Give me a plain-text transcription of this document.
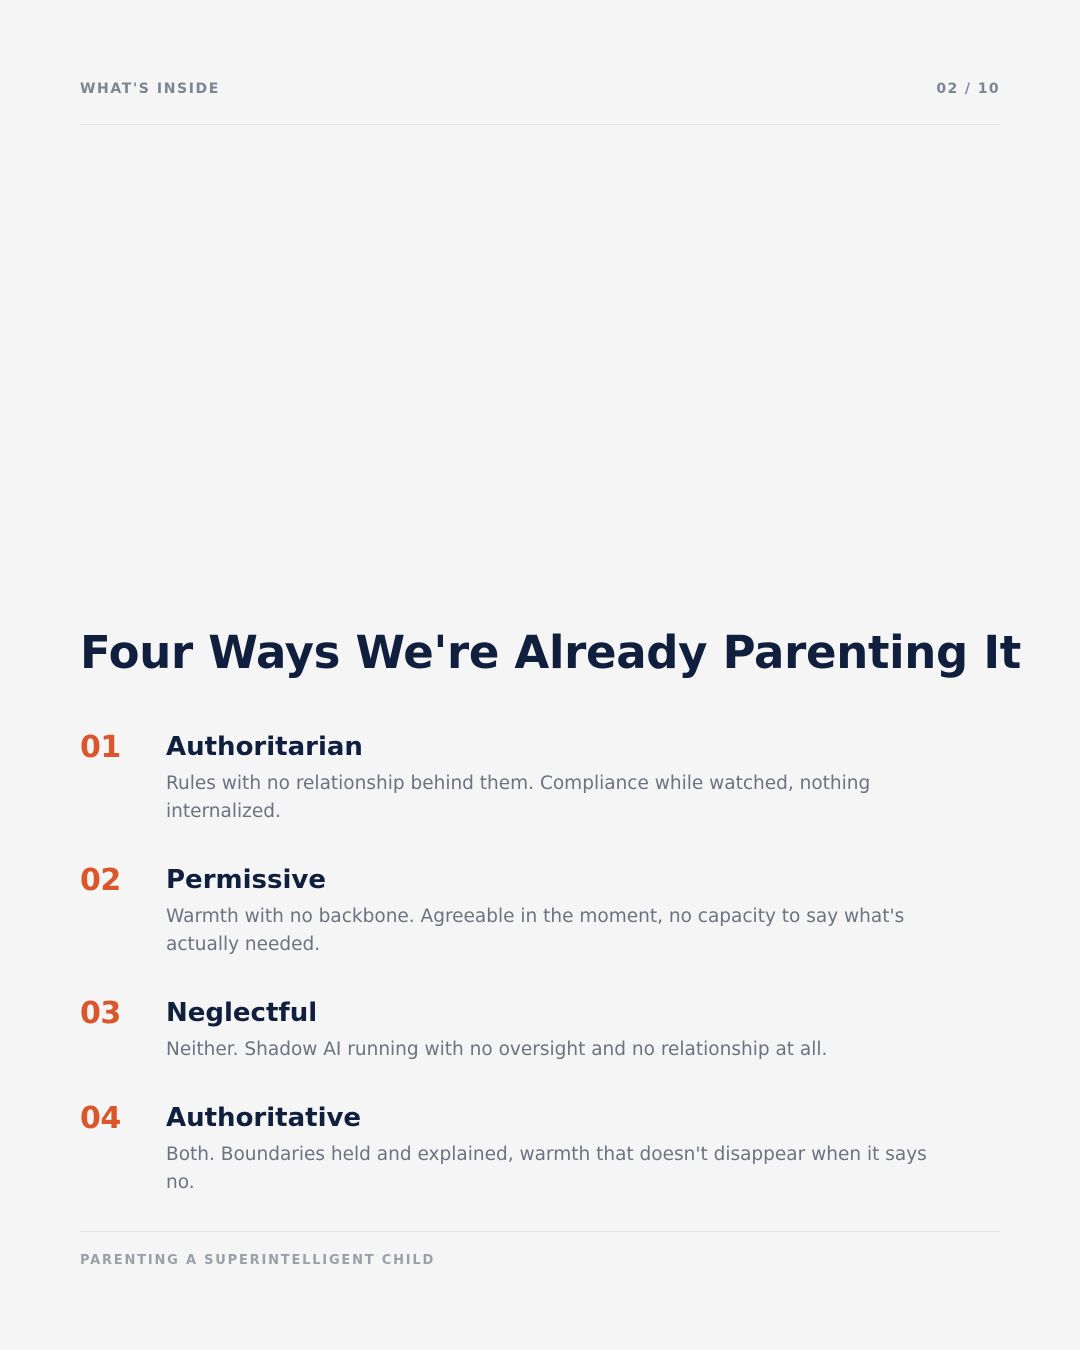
WHAT'S INSIDE	02 / 10
Four Ways We're Already Parenting It
01 Authoritarian
Rules with no relationship behind them. Compliance while watched, nothing internalized.
02 Permissive
Warmth with no backbone. Agreeable in the moment, no capacity to say what's actually needed.
03 Neglectful
Neither. Shadow AI running with no oversight and no relationship at all.
04 Authoritative
Both. Boundaries held and explained, warmth that doesn't disappear when it says no.
PARENTING A SUPERINTELLIGENT CHILD
